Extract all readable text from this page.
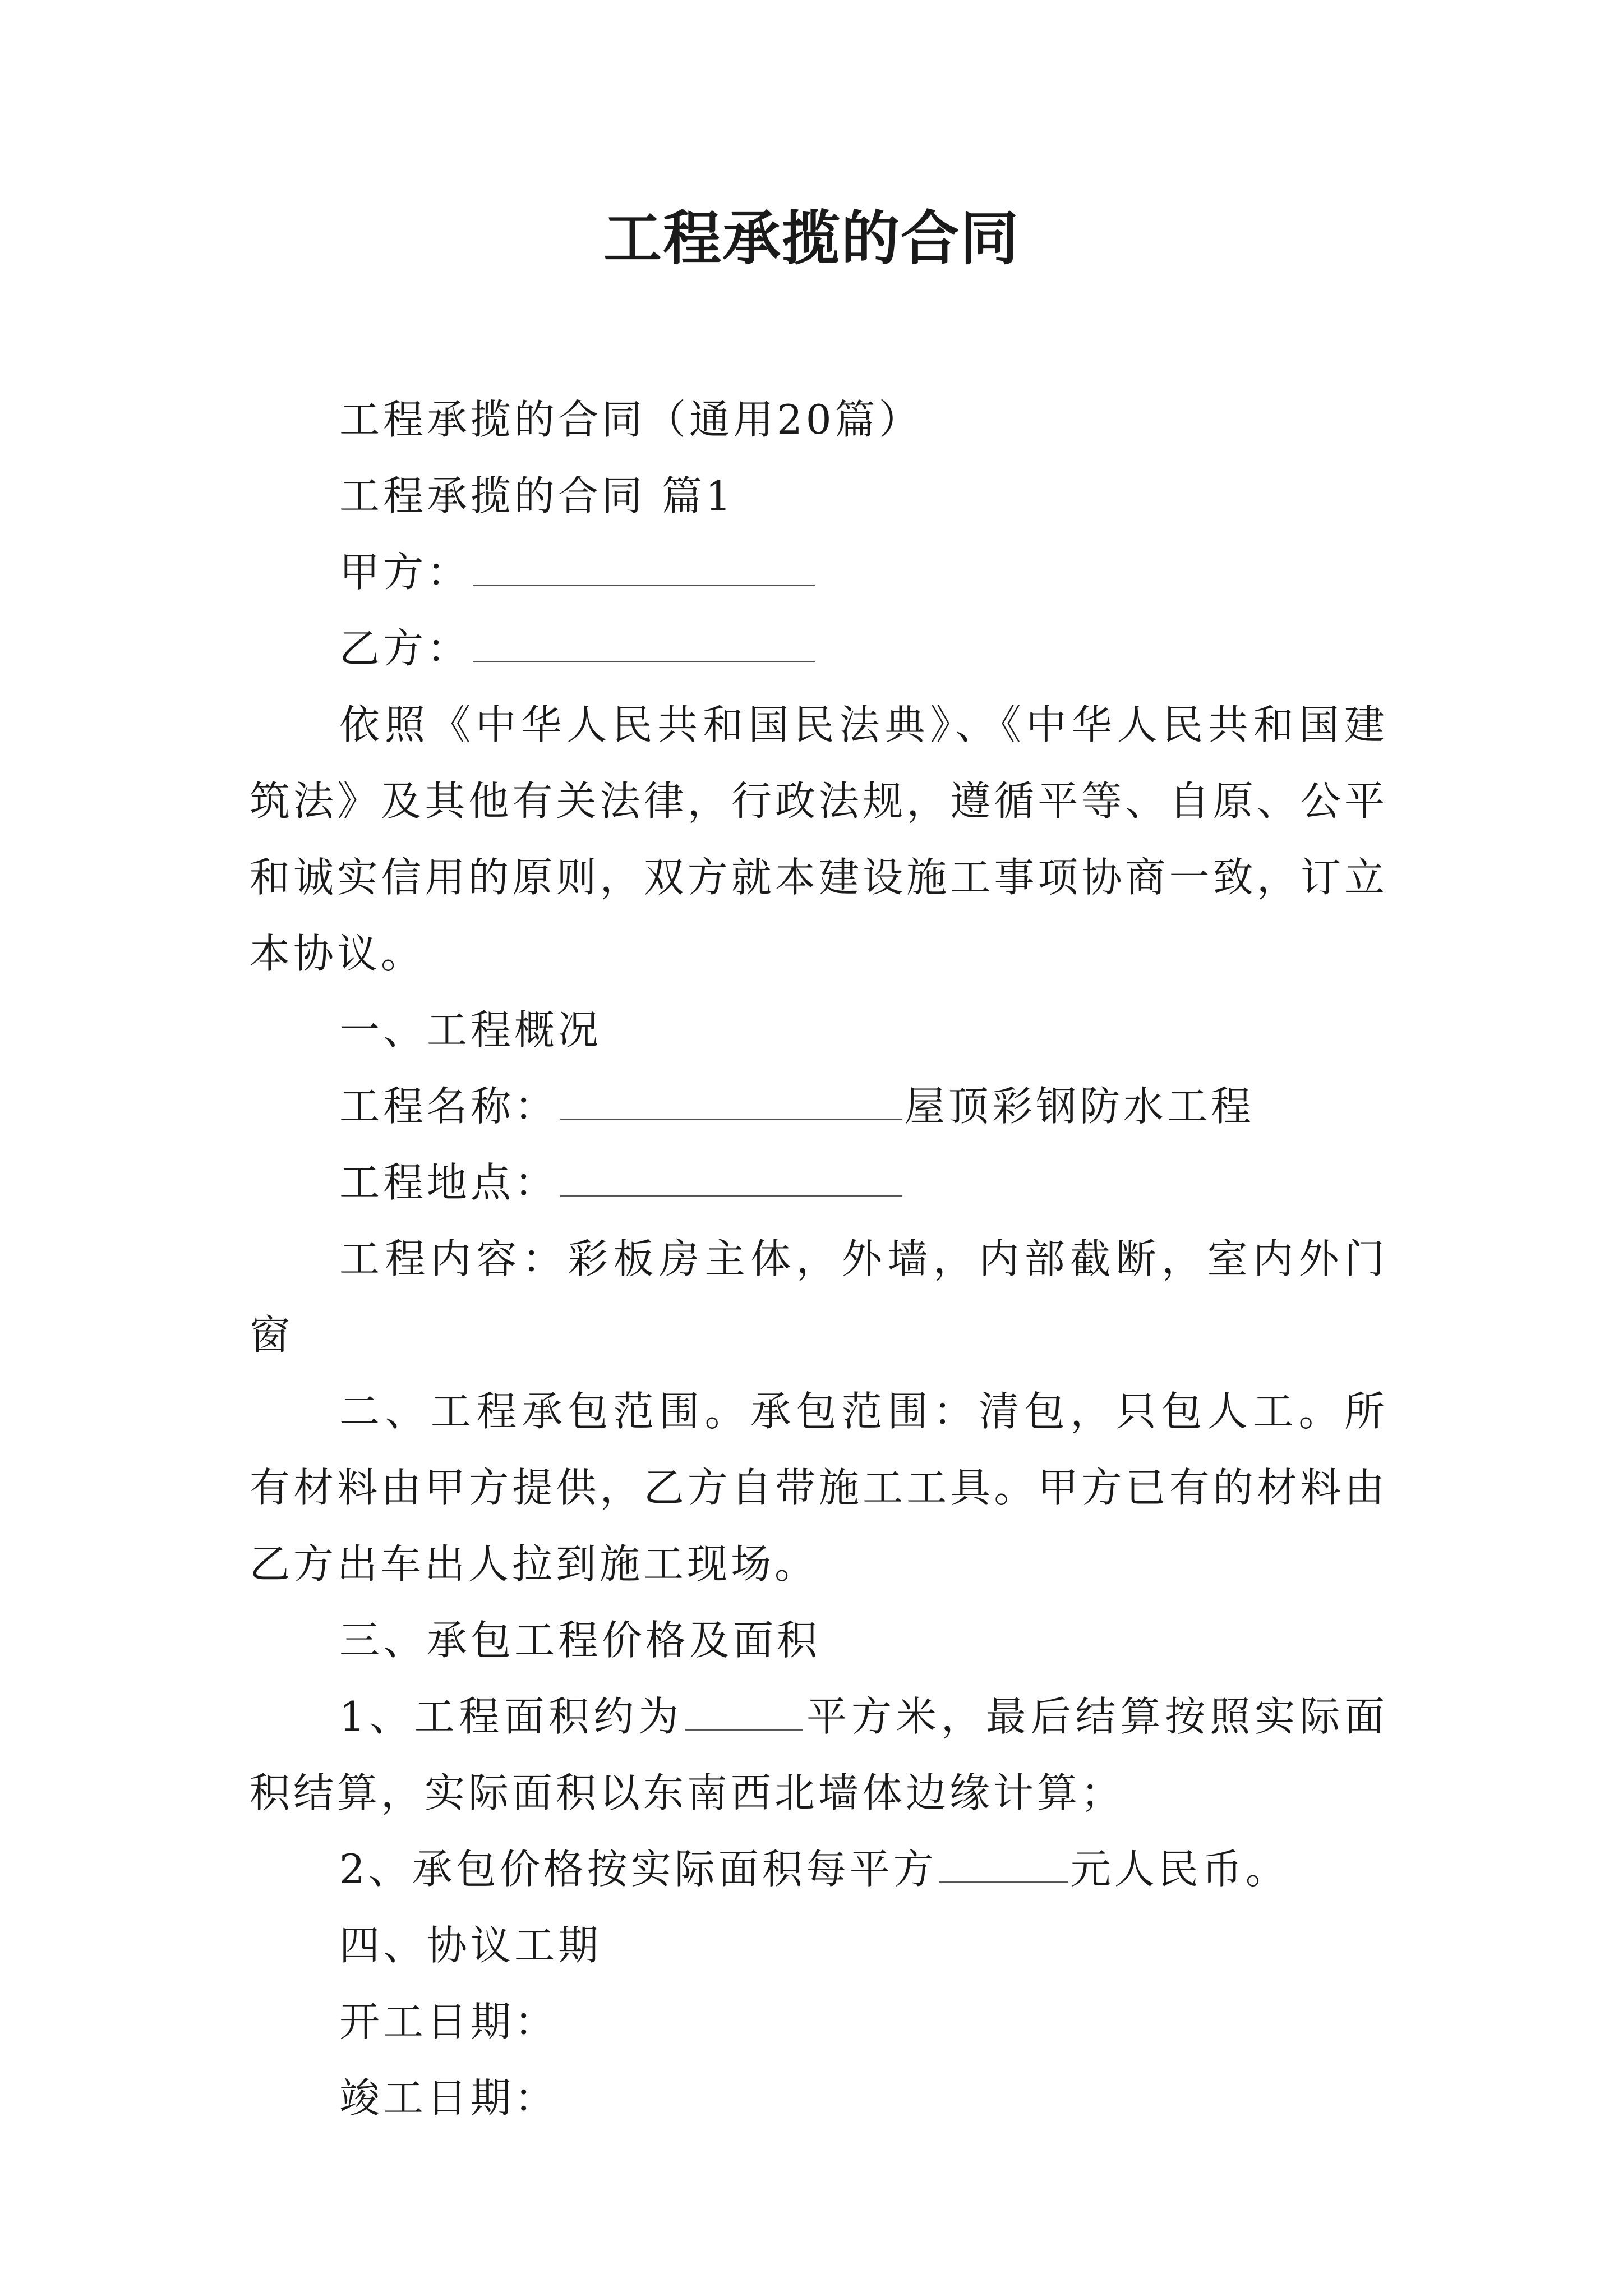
工程承揽的合同

工程承揽的合同（通用20篇）

工程承揽的合同 篇1

甲方：

乙方：

依照《中华人民共和国民法典》、《中华人民共和国建筑法》及其他有关法律，行政法规，遵循平等、自原、公平和诚实信用的原则，双方就本建设施工事项协商一致，订立本协议。

一、工程概况

工程名称：	屋顶彩钢防水工程

工程地点：

工程内容：彩板房主体，外墙，内部截断，室内外门窗

二、工程承包范围。承包范围：清包，只包人工。所有材料由甲方提供，乙方自带施工工具。甲方已有的材料由乙方出车出人拉到施工现场。

三、承包工程价格及面积

1、工程面积约为	平方米，最后结算按照实际面积结算，实际面积以东南西北墙体边缘计算；

2、承包价格按实际面积每平方	元人民币。

四、协议工期

开工日期：

竣工日期：
